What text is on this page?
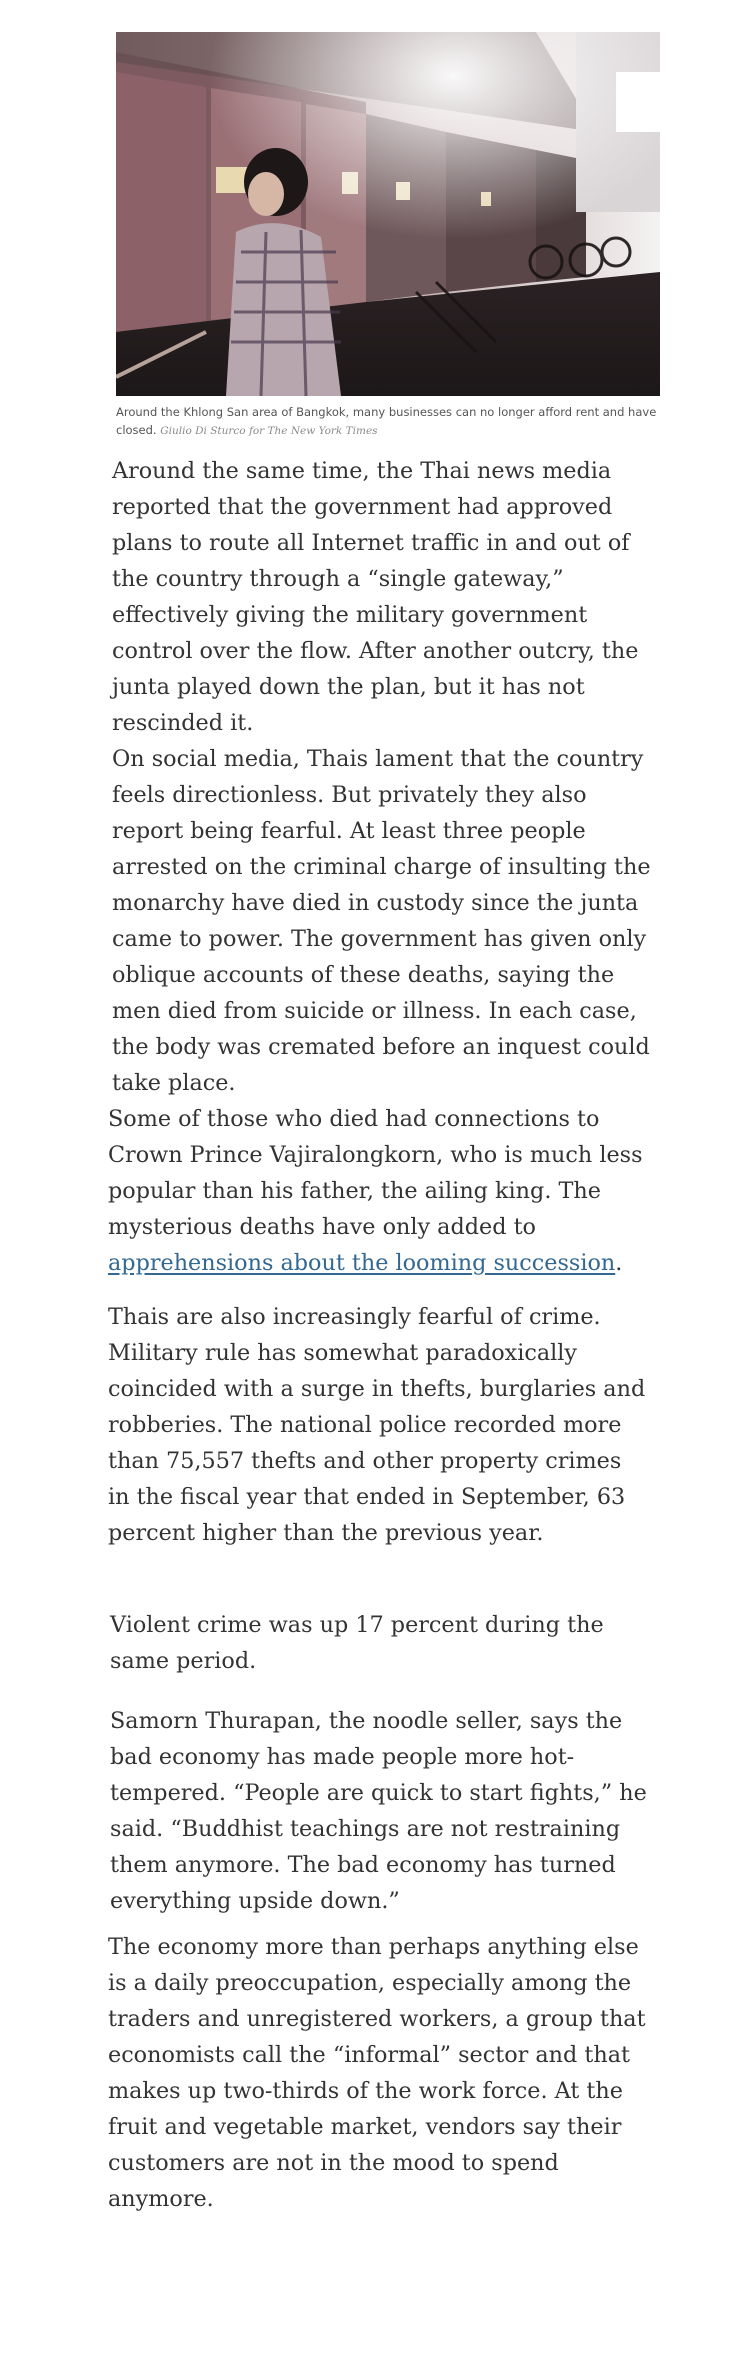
Around the Khlong San area of Bangkok, many businesses can no longer afford rent and have closed. Giulio Di Sturco for The New York Times

Around the same time, the Thai news media reported that the government had approved plans to route all Internet traffic in and out of the country through a “single gateway,” effectively giving the military government control over the flow. After another outcry, the junta played down the plan, but it has not rescinded it.

On social media, Thais lament that the country feels directionless. But privately they also report being fearful. At least three people arrested on the criminal charge of insulting the monarchy have died in custody since the junta came to power. The government has given only oblique accounts of these deaths, saying the men died from suicide or illness. In each case, the body was cremated before an inquest could take place.

Some of those who died had connections to Crown Prince Vajiralongkorn, who is much less popular than his father, the ailing king. The mysterious deaths have only added to apprehensions about the looming succession.

Thais are also increasingly fearful of crime. Military rule has somewhat paradoxically coincided with a surge in thefts, burglaries and robberies. The national police recorded more than 75,557 thefts and other property crimes in the fiscal year that ended in September, 63 percent higher than the previous year.

Violent crime was up 17 percent during the same period.

Samorn Thurapan, the noodle seller, says the bad economy has made people more hot-tempered. “People are quick to start fights,” he said. “Buddhist teachings are not restraining them anymore. The bad economy has turned everything upside down.”

The economy more than perhaps anything else is a daily preoccupation, especially among the traders and unregistered workers, a group that economists call the “informal” sector and that makes up two-thirds of the work force. At the fruit and vegetable market, vendors say their customers are not in the mood to spend anymore.
